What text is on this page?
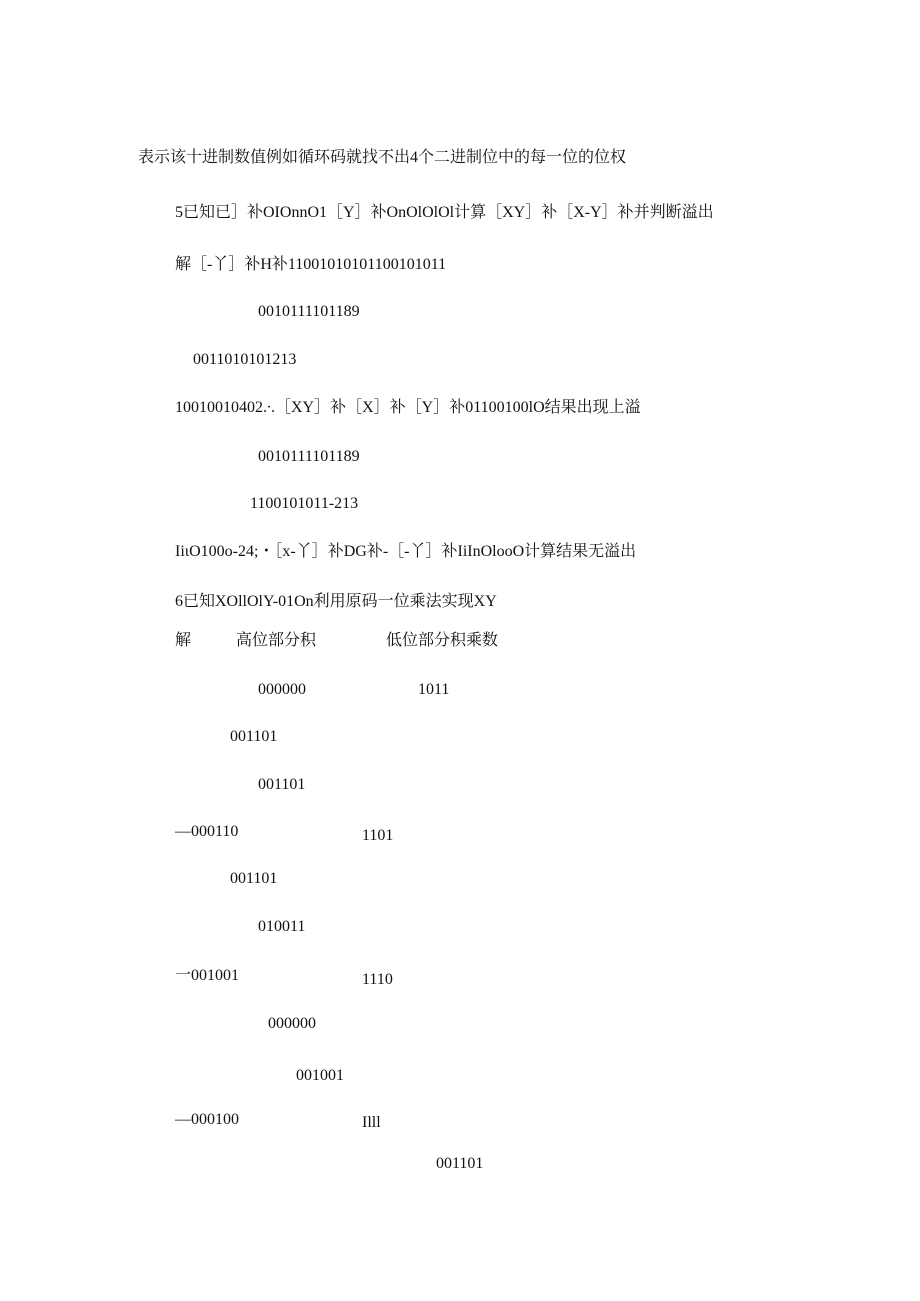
表示该十进制数值例如循环码就找不出4个二进制位中的每一位的位权
5已知已］补OIOnnO1［Y］补OnOlOlOl计算［XY］补［X-Y］补并判断溢出
解［-丫］补H补11001010101100101011
0010111101189
0011010101213
10010010402.∙.［XY］补［X］补［Y］补01100100lO结果出现上溢
0010111101189
1100101011-213
IiιO100o-24;・［x-丫］补DG补-［-丫］补IiInOlooO计算结果无溢出
6已知XOllOlY-01On利用原码一位乘法实现XY
解	高位部分积	低位部分积乘数
000000	1011
001101
001101
—000110	1101
001101
010011
一001001	1110
000000
001001
—000100	Illl
001101
